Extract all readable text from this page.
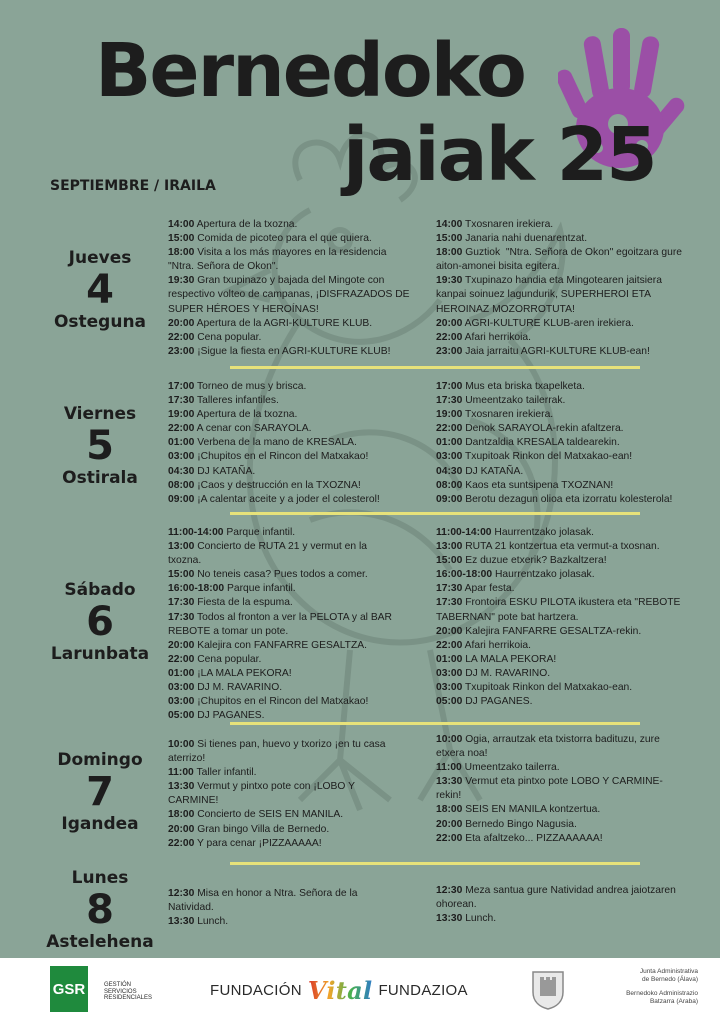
Bernedoko
jaiak 25
SEPTIEMBRE / IRAILA
Jueves
4
Osteguna
14:00 Apertura de la txozna.
15:00 Comida de picoteo para el que quiera.
18:00 Visita a los más mayores en la residencia "Ntra. Señora de Okon".
19:30 Gran txupinazo y bajada del Mingote con respectivo volteo de campanas, ¡DISFRAZADOS DE SUPER HÉROES Y HEROÍNAS!
20:00 Apertura de la AGRI-KULTURE KLUB.
22:00 Cena popular.
23:00 ¡Sigue la fiesta en AGRI-KULTURE KLUB!
14:00 Txosnaren irekiera.
15:00 Janaria nahi duenarentzat.
18:00 Guztiok  "Ntra. Señora de Okon" egoitzara gure aiton-amonei bisita egitera.
19:30 Txupinazo handia eta Mingotearen jaitsiera kanpai soinuez lagundurik, SUPERHEROI ETA HEROINAZ MOZORROTUTA!
20:00 AGRI-KULTURE KLUB-aren irekiera.
22:00 Afari herrikoia.
23:00 Jaia jarraitu AGRI-KULTURE KLUB-ean!
Viernes
5
Ostirala
17:00 Torneo de mus y brisca.
17:30 Talleres infantiles.
19:00 Apertura de la txozna.
22:00 A cenar con SARAYOLA.
01:00 Verbena de la mano de KRESALA.
03:00 ¡Chupitos en el Rincon del Matxakao!
04:30 DJ KATAÑA.
08:00 ¡Caos y destrucción en la TXOZNA!
09:00 ¡A calentar aceite y a joder el colesterol!
17:00 Mus eta briska txapelketa.
17:30 Umeentzako tailerrak.
19:00 Txosnaren irekiera.
22:00 Denok SARAYOLA-rekin afaltzera.
01:00 Dantzaldia KRESALA taldearekin.
03:00 Txupitoak Rinkon del Matxakao-ean!
04:30 DJ KATAÑA.
08:00 Kaos eta suntsipena TXOZNAN!
09:00 Berotu dezagun olioa eta izorratu kolesterola!
Sábado
6
Larunbata
11:00-14:00 Parque infantil.
13:00 Concierto de RUTA 21 y vermut en la txozna.
15:00 No teneis casa? Pues todos a comer.
16:00-18:00 Parque infantil.
17:30 Fiesta de la espuma.
17:30 Todos al fronton a ver la PELOTA y al BAR REBOTE a tomar un pote.
20:00 Kalejira con FANFARRE GESALTZA.
22:00 Cena popular.
01:00 ¡LA MALA PEKORA!
03:00 DJ M. RAVARINO.
03:00 ¡Chupitos en el Rincon del Matxakao!
05:00 DJ PAGANES.
11:00-14:00 Haurrentzako jolasak.
13:00 RUTA 21 kontzertua eta vermut-a txosnan.
15:00 Ez duzue etxerik? Bazkaltzera!
16:00-18:00 Haurrentzako jolasak.
17:30 Apar festa.
17:30 Frontoira ESKU PILOTA ikustera eta "REBOTE TABERNAN" pote bat hartzera.
20:00 Kalejira FANFARRE GESALTZA-rekin.
22:00 Afari herrikoia.
01:00 LA MALA PEKORA!
03:00 DJ M. RAVARINO.
03:00 Txupitoak Rinkon del Matxakao-ean.
05:00 DJ PAGANES.
Domingo
7
Igandea
10:00 Si tienes pan, huevo y txorizo ¡en tu casa aterrizo!
11:00 Taller infantil.
13:30 Vermut y pintxo pote con ¡LOBO Y CARMINE!
18:00 Concierto de SEIS EN MANILA.
20:00 Gran bingo Villa de Bernedo.
22:00 Y para cenar ¡PIZZAAAAA!
10:00 Ogia, arrautzak eta txistorra badituzu, zure etxera noa!
11:00 Umeentzako tailerra.
13:30 Vermut eta pintxo pote LOBO Y CARMINE-rekin!
18:00 SEIS EN MANILA kontzertua.
20:00 Bernedo Bingo Nagusia.
22:00 Eta afaltzeko... PIZZAAAAAA!
Lunes
8
Astelehena
12:30 Misa en honor a Ntra. Señora de la Natividad.
13:30 Lunch.
12:30 Meza santua gure Natividad andrea jaiotzaren ohorean.
13:30 Lunch.
GSR	GESTIÓN SERVICIOS RESIDENCIALES	FUNDACIÓN Vital FUNDAZIOA
Junta Administrativa
de Bernedo (Álava)
Bernedoko Administrazio
Batzarra (Araba)
